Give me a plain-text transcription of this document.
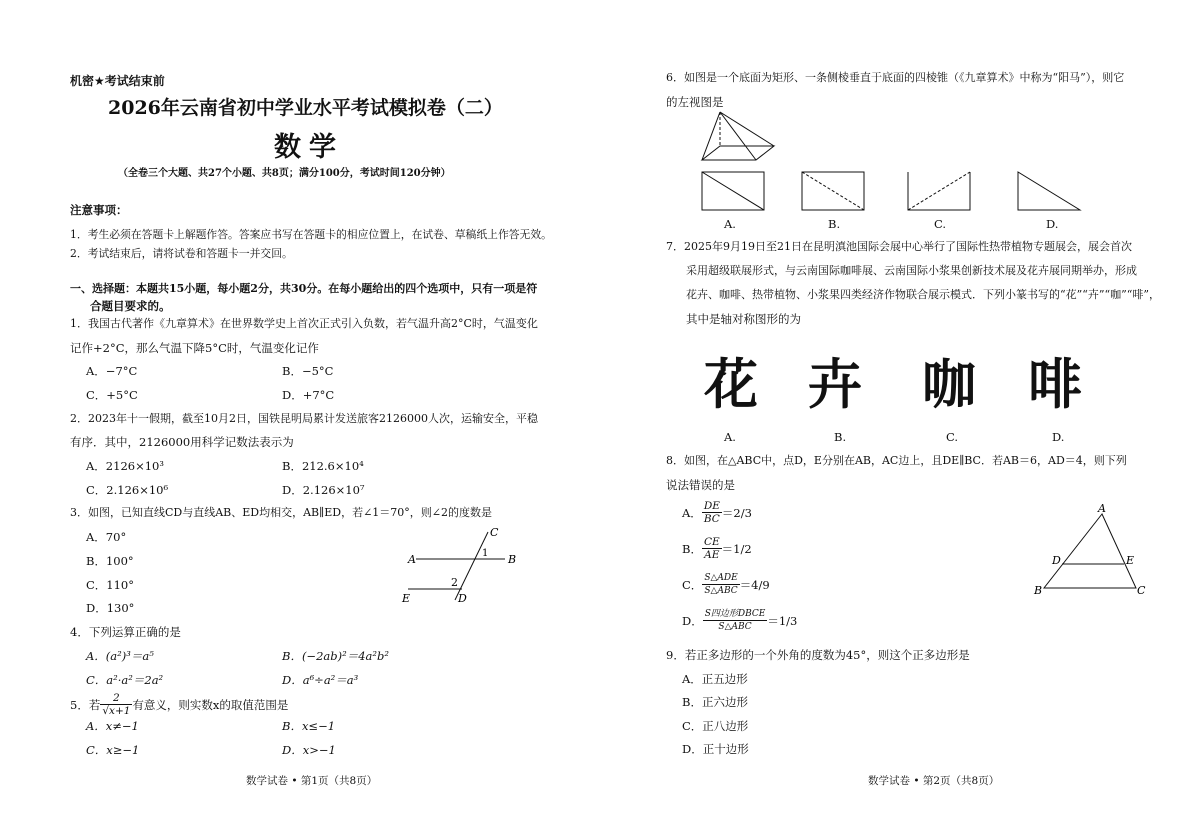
机密★考试结束前
2026年云南省初中学业水平考试模拟卷（二）
数学
（全卷三个大题、共27个小题、共8页；满分100分，考试时间120分钟）
注意事项：
1．考生必须在答题卡上解题作答。答案应书写在答题卡的相应位置上，在试卷、草稿纸上作答无效。
2．考试结束后，请将试卷和答题卡一并交回。
一、选择题：本题共15小题，每小题2分，共30分。在每小题给出的四个选项中，只有一项是符
合题目要求的。
1．我国古代著作《九章算术》在世界数学史上首次正式引入负数，若气温升高2°C时，气温变化
记作+2°C，那么气温下降5°C时，气温变化记作
A．−7°C	B．−5°C
C．+5°C	D．+7°C
2．2023年十一假期，截至10月2日，国铁昆明局累计发送旅客2126000人次，运输安全，平稳
有序．其中，2126000用科学记数法表示为
A．2126×10³	B．212.6×10⁴
C．2.126×10⁶	D．2.126×10⁷
3．如图，已知直线CD与直线AB、ED均相交，AB∥ED，若∠1＝70°，则∠2的度数是
A．70°
B．100°
C．110°
D．130°
A	B
C
D
E
1
2
4．下列运算正确的是
A．(a²)³＝a⁵	B．(−2ab)²＝4a²b²
C．a²·a²＝2a²	D．a⁶÷a²＝a³
5．若 $\frac{2}{√x+1}$ 有意义，则实数x的取值范围是
A．x≠−1	B．x≤−1
C．x≥−1	D．x>−1
数学试卷 • 第1页（共8页）
6．如图是一个底面为矩形、一条侧棱垂直于底面的四棱锥（《九章算术》中称为“阳马”），则它
的左视图是
A.	B.	C.	D.
7．2025年9月19日至21日在昆明滇池国际会展中心举行了国际性热带植物专题展会，展会首次
采用超级联展形式，与云南国际咖啡展、云南国际小浆果创新技术展及花卉展同期举办，形成
花卉、咖啡、热带植物、小浆果四类经济作物联合展示模式．下列小篆书写的“花”“卉”“咖”“啡”，
其中是轴对称图形的为
花 卉 咖 啡
A.	B.	C.	D.
8．如图，在△ABC中，点D，E分别在AB，AC边上，且DE∥BC．若AB＝6，AD＝4，则下列
说法错误的是
A． $\frac{DE}{BC} =2/3$
B． $\frac{CE}{AE} =1/2$
C． $\frac{\text{S△ADE}}{\text{S△ABC}} =4/9$
D． $\frac{\text{S四边形DBCE}}{\text{S△ABC}} =1/3$
A
D	E
B	C
9．若正多边形的一个外角的度数为45°，则这个正多边形是
A．正五边形
B．正六边形
C．正八边形
D．正十边形
数学试卷 • 第2页（共8页）
